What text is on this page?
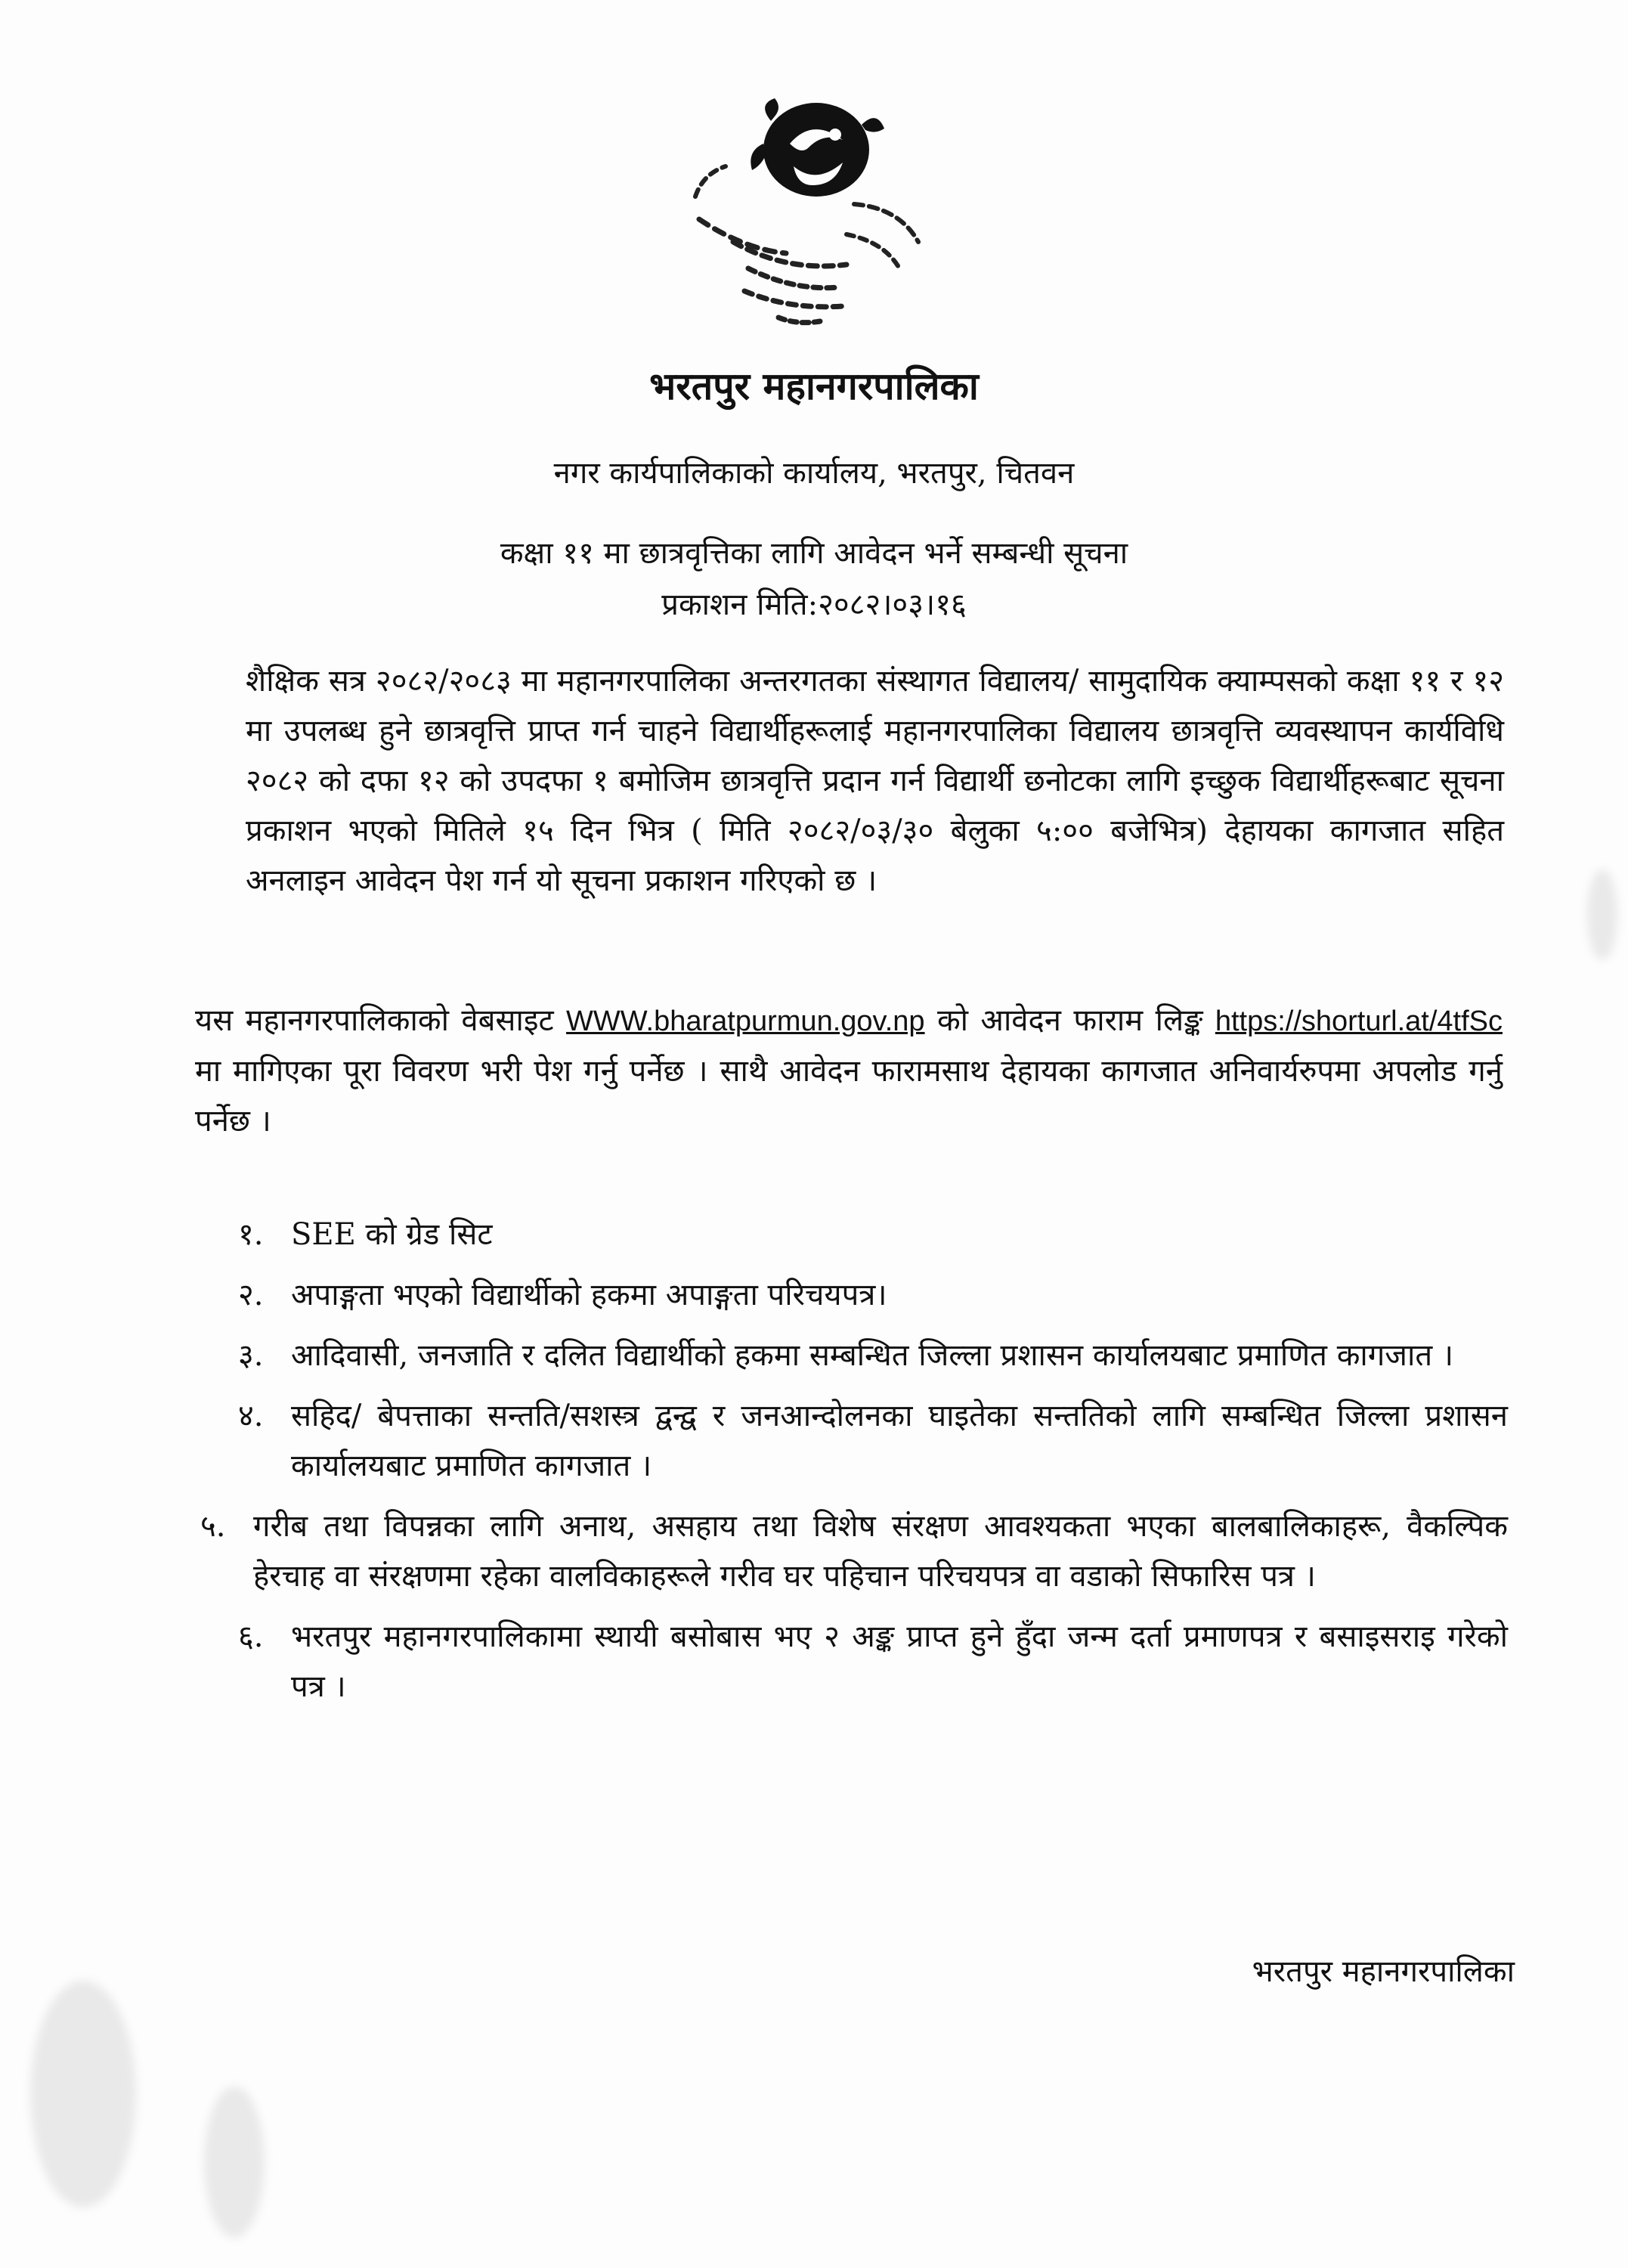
भरतपुर महानगरपालिका
नगर कार्यपालिकाको कार्यालय, भरतपुर, चितवन
कक्षा ११ मा छात्रवृत्तिका लागि आवेदन भर्ने सम्बन्धी सूचना
प्रकाशन मिति:२०८२।०३।१६
शैक्षिक सत्र २०८२/२०८३ मा महानगरपालिका अन्तरगतका संस्थागत विद्यालय/ सामुदायिक क्याम्पसको कक्षा ११ र १२ मा उपलब्ध हुने छात्रवृत्ति प्राप्त गर्न चाहने विद्यार्थीहरूलाई महानगरपालिका विद्यालय छात्रवृत्ति व्यवस्थापन कार्यविधि २०८२ को दफा १२ को उपदफा १ बमोजिम छात्रवृत्ति प्रदान गर्न विद्यार्थी छनोटका लागि इच्छुक विद्यार्थीहरूबाट सूचना प्रकाशन भएको मितिले १५ दिन भित्र ( मिति २०८२/०३/३० बेलुका ५:०० बजेभित्र) देहायका कागजात सहित अनलाइन आवेदन पेश गर्न यो सूचना प्रकाशन गरिएको छ ।
यस महानगरपालिकाको वेबसाइट WWW.bharatpurmun.gov.np को आवेदन फाराम लिङ्क https://shorturl.at/4tfSc मा मागिएका पूरा विवरण भरी पेश गर्नु पर्नेछ । साथै आवेदन फारामसाथ देहायका कागजात अनिवार्यरुपमा अपलोड गर्नु पर्नेछ ।
१. SEE को ग्रेड सिट
२. अपाङ्गता भएको विद्यार्थीको हकमा अपाङ्गता परिचयपत्र।
३. आदिवासी, जनजाति र दलित विद्यार्थीको हकमा सम्बन्धित जिल्ला प्रशासन कार्यालयबाट प्रमाणित कागजात ।
४. सहिद/ बेपत्ताका सन्तति/सशस्त्र द्वन्द्व र जनआन्दोलनका घाइतेका सन्ततिको लागि सम्बन्धित जिल्ला प्रशासन कार्यालयबाट प्रमाणित कागजात ।
५. गरीब तथा विपन्नका लागि अनाथ, असहाय तथा विशेष संरक्षण आवश्यकता भएका बालबालिकाहरू, वैकल्पिक हेरचाह वा संरक्षणमा रहेका वालविकाहरूले गरीव घर पहिचान परिचयपत्र वा वडाको सिफारिस पत्र ।
६. भरतपुर महानगरपालिकामा स्थायी बसोबास भए २ अङ्क प्राप्त हुने हुँदा जन्म दर्ता प्रमाणपत्र र बसाइसराइ गरेको पत्र ।
भरतपुर महानगरपालिका
